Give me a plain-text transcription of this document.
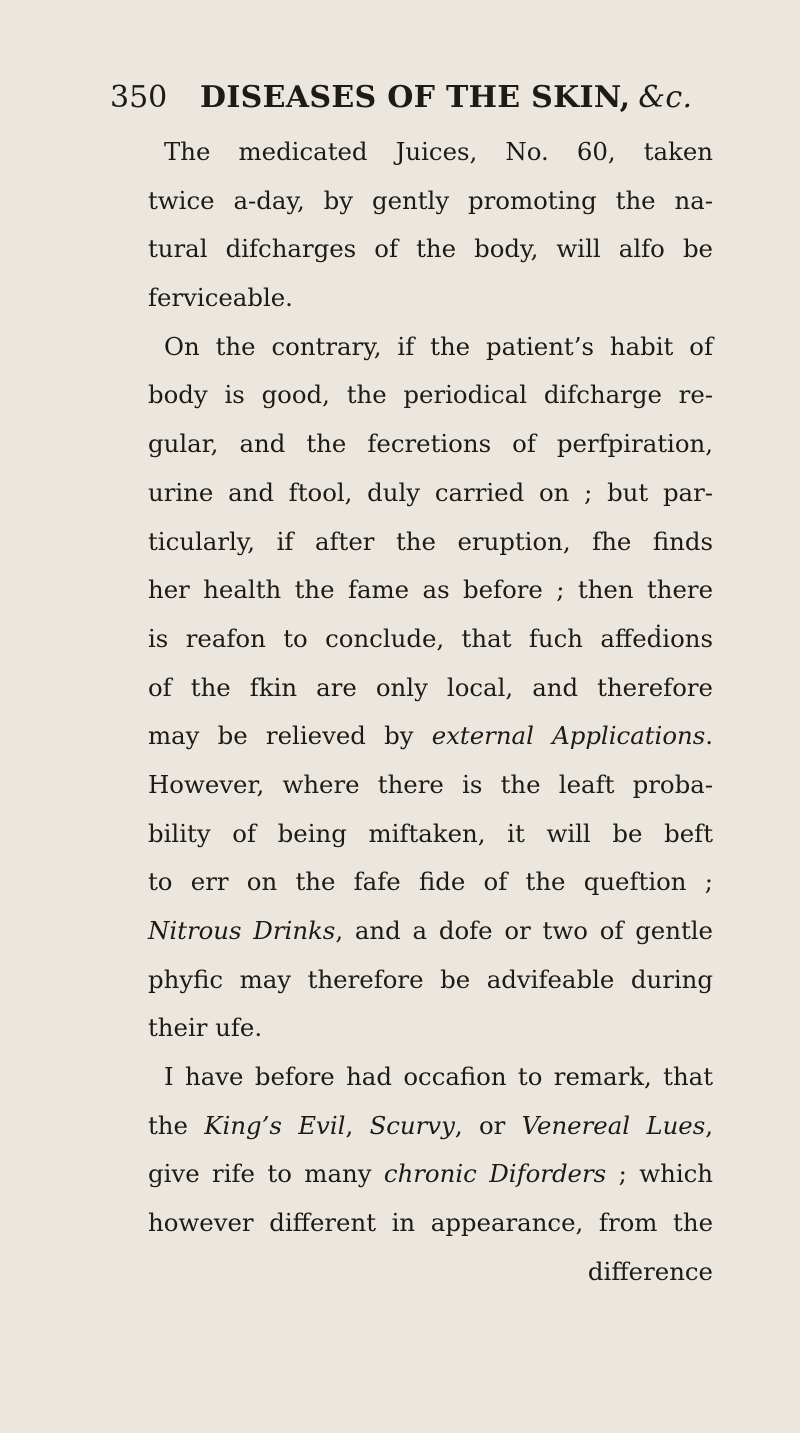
350 DISEASES OF THE SKIN, &c.
The medicated Juices, No. 60, taken
twice a-day, by gently promoting the na-
tural difcharges of the body, will alfo be
ferviceable.
On the contrary, if the patient’s habit of
body is good, the periodical difcharge re-
gular, and the fecretions of perfpiration,
urine and ftool, duly carried on ; but par-
ticularly, if after the eruption, fhe finds
her health the fame as before ; then there
is reafon to conclude, that fuch affeḋions
of the fkin are only local, and therefore
may be relieved by external Applications.
However, where there is the leaft proba-
bility of being miftaken, it will be beft
to err on the fafe fide of the queftion ;
Nitrous Drinks, and a dofe or two of gentle
phyfic may therefore be advifeable during
their ufe.
I have before had occafion to remark, that
the King’s Evil, Scurvy, or Venereal Lues,
give rife to many chronic Diforders ; which
however different in appearance, from the
difference
